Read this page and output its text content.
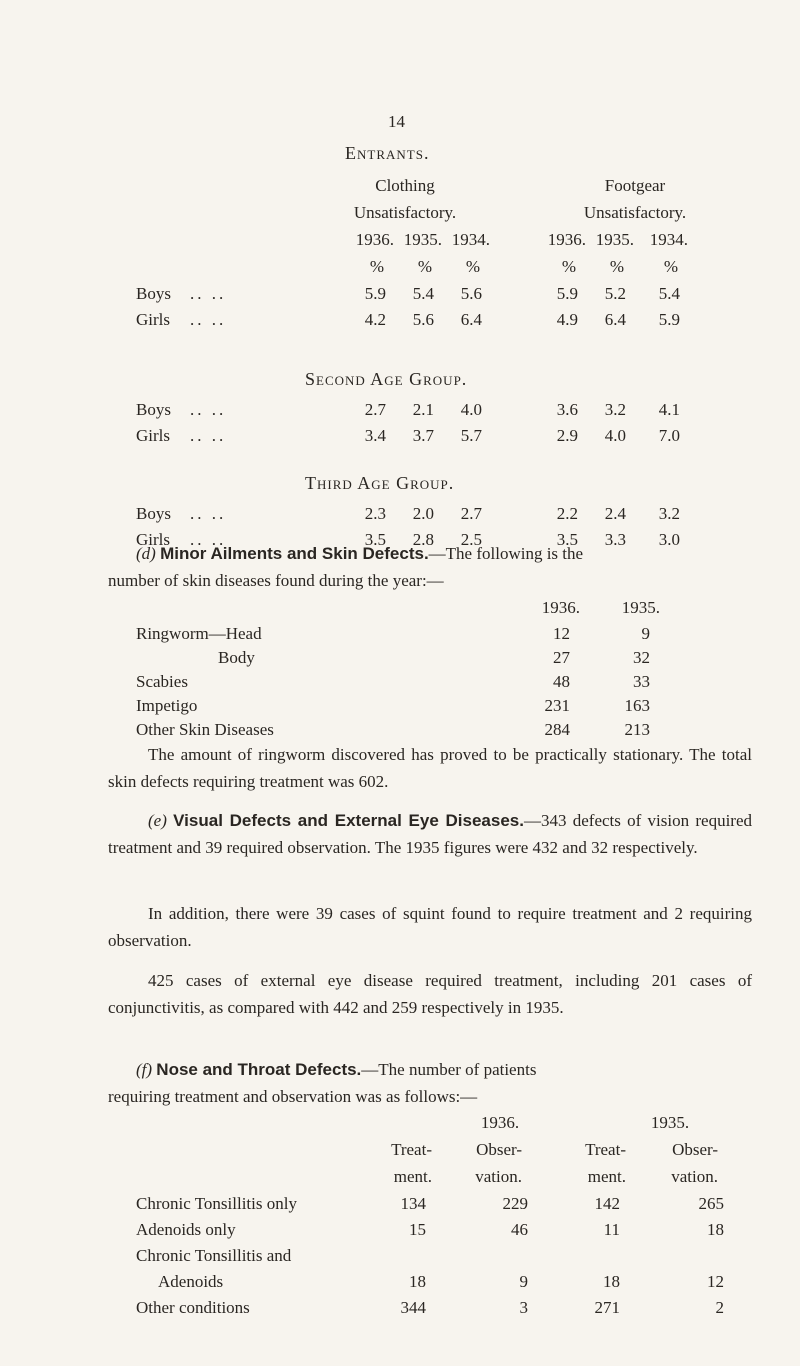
14
Entrants.
Clothing
Unsatisfactory.
Footgear
Unsatisfactory.
1936. 1935. 1934.	1936. 1935. 1934.
%	%	%	%	%	%
Boys .. ..	5.9	5.4	5.6	5.9	5.2	5.4
Girls .. ..	4.2	5.6	6.4	4.9	6.4	5.9
Second Age Group.
Boys .. ..	2.7	2.1	4.0	3.6	3.2	4.1
Girls .. ..	3.4	3.7	5.7	2.9	4.0	7.0
Third Age Group.
Boys .. ..	2.3	2.0	2.7	2.2	2.4	3.2
Girls .. ..	3.5	2.8	2.5	3.5	3.3	3.0
(d) Minor Ailments and Skin Defects.—The following is the
number of skin diseases found during the year:—
1936.	1935.
Ringworm—Head	12	9
Body	27	32
Scabies	48	33
Impetigo	231	163
Other Skin Diseases	284	213
The amount of ringworm discovered has proved to be practically stationary. The total skin defects requiring treatment was 602.
(e) Visual Defects and External Eye Diseases.—343 defects of vision required treatment and 39 required observation. The 1935 figures were 432 and 32 respectively.
In addition, there were 39 cases of squint found to require treatment and 2 requiring observation.
425 cases of external eye disease required treatment, including 201 cases of conjunctivitis, as compared with 442 and 259 respectively in 1935.
(f) Nose and Throat Defects.—The number of patients
requiring treatment and observation was as follows:—
1936.	1935.
Treat-
ment.
Obser-
vation.
Treat-
ment.
Obser-
vation.
Chronic Tonsillitis only	134	229	142	265
Adenoids only	15	46	11	18
Chronic Tonsillitis and
Adenoids	18	9	18	12
Other conditions	344	3	271	2
